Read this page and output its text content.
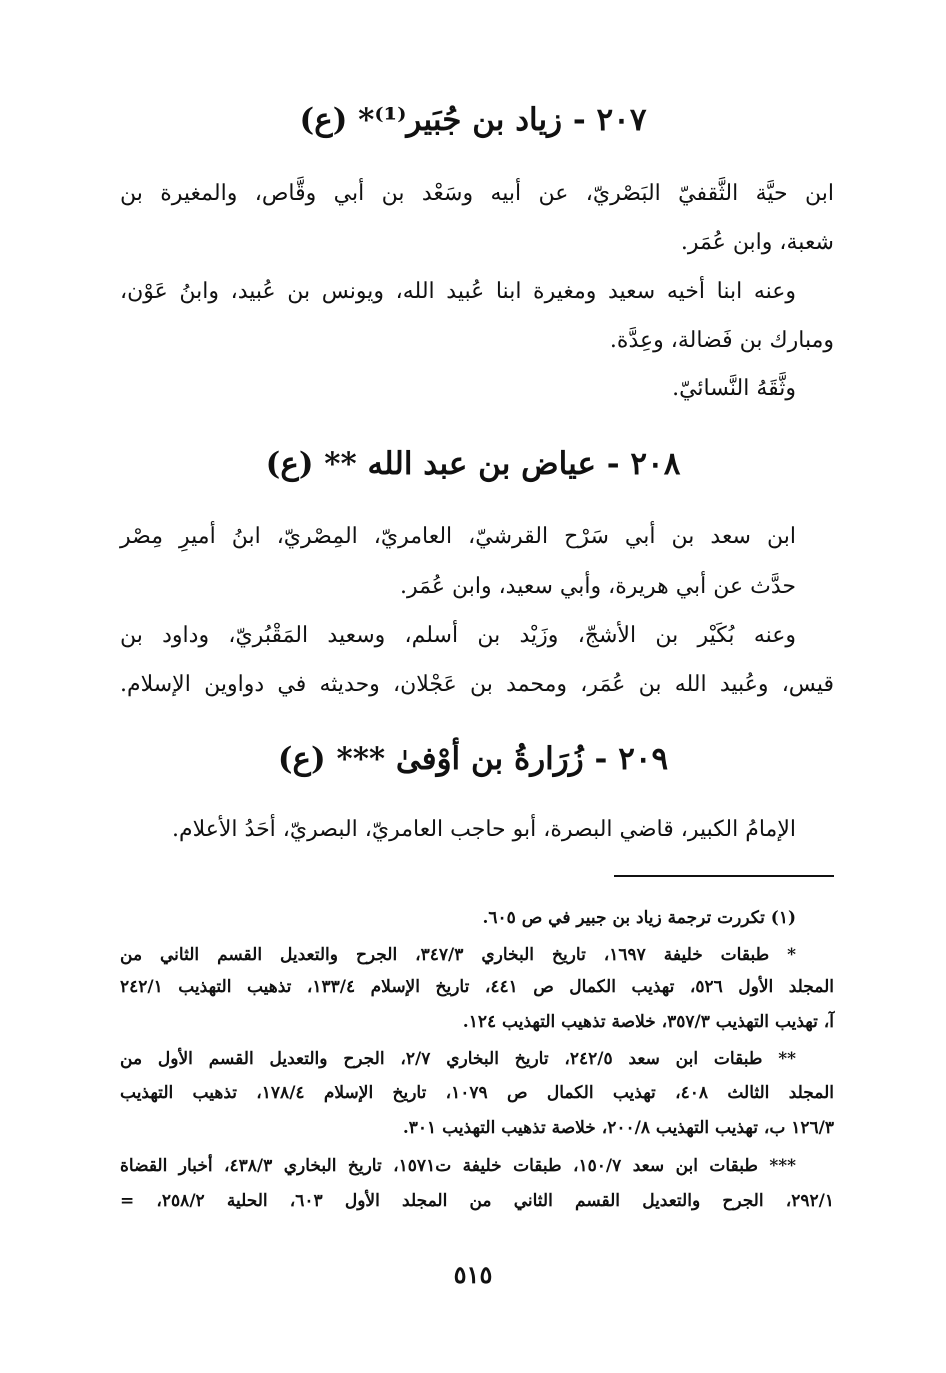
٢٠٧ - زياد بن جُبَير⁽¹⁾* (ع)
ابن حيَّة الثَّقفيّ البَصْريّ، عن أبيه وسَعْد بن أبي وقَّاص، والمغيرة بن
شعبة، وابن عُمَر.
وعنه ابنا أخيه سعيد ومغيرة ابنا عُبيد الله، ويونس بن عُبيد، وابنُ عَوْن،
ومبارك بن فَضالة، وعِدَّة.
وثَّقَهُ النَّسائيّ.
٢٠٨ - عياض بن عبد الله ** (ع)
ابن سعد بن أبي سَرْح القرشيّ، العامريّ، المِصْريّ، ابنُ أميرِ مِصْر
حدَّث عن أبي هريرة، وأبي سعيد، وابن عُمَر.
وعنه بُكَيْر بن الأشجّ، وزَيْد بن أسلم، وسعيد المَقْبُريّ، وداود بن
قيس، وعُبيد الله بن عُمَر، ومحمد بن عَجْلان، وحديثه في دواوين الإسلام.
٢٠٩ - زُرَارةُ بن أوْفىٰ *** (ع)
الإمامُ الكبير، قاضي البصرة، أبو حاجب العامريّ، البصريّ، أحَدُ الأعلام.
(١) تكررت ترجمة زياد بن جبير في ص ٦٠٥.
* طبقات خليفة ١٦٩٧، تاريخ البخاري ٣٤٧/٣، الجرح والتعديل القسم الثاني من
المجلد الأول ٥٢٦، تهذيب الكمال ص ٤٤١، تاريخ الإسلام ١٣٣/٤، تذهيب التهذيب ٢٤٢/١
آ، تهذيب التهذيب ٣٥٧/٣، خلاصة تذهيب التهذيب ١٢٤.
** طبقات ابن سعد ٢٤٢/٥، تاريخ البخاري ٢/٧، الجرح والتعديل القسم الأول من
المجلد الثالث ٤٠٨، تهذيب الكمال ص ١٠٧٩، تاريخ الإسلام ١٧٨/٤، تذهيب التهذيب
١٢٦/٣ ب، تهذيب التهذيب ٢٠٠/٨، خلاصة تذهيب التهذيب ٣٠١.
*** طبقات ابن سعد ١٥٠/٧، طبقات خليفة ت١٥٧١، تاريخ البخاري ٤٣٨/٣، أخبار القضاة
٢٩٢/١، الجرح والتعديل القسم الثاني من المجلد الأول ٦٠٣، الحلية ٢٥٨/٢، =
٥١٥
